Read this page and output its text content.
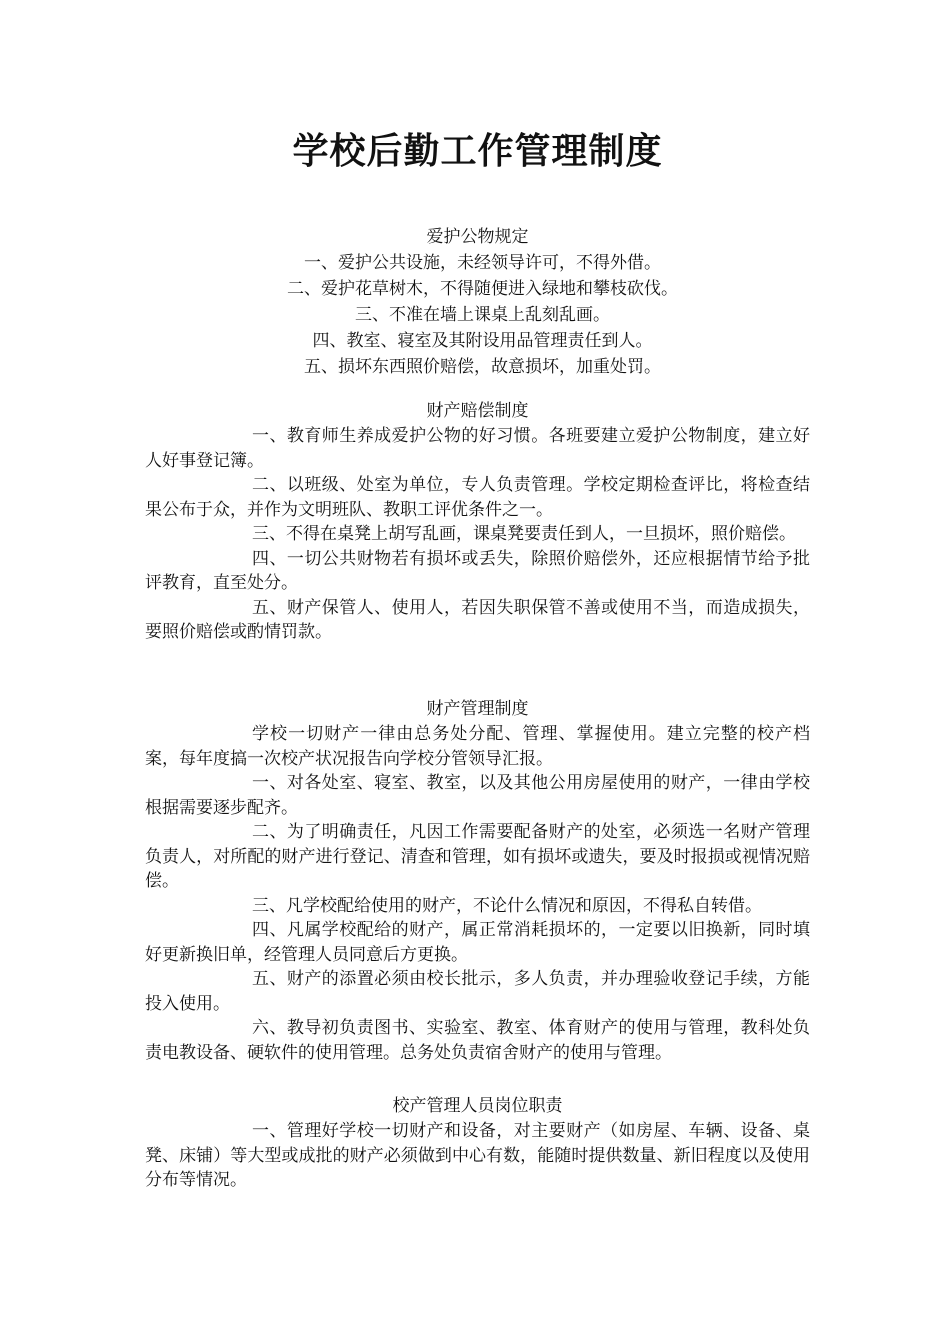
学校后勤工作管理制度
爱护公物规定
一、爱护公共设施，未经领导许可，不得外借。
二、爱护花草树木，不得随便进入绿地和攀枝砍伐。
三、不准在墙上课桌上乱刻乱画。
四、教室、寝室及其附设用品管理责任到人。
五、损坏东西照价赔偿，故意损坏，加重处罚。
财产赔偿制度

一、教育师生养成爱护公物的好习惯。各班要建立爱护公物制度，建立好人好事登记簿。

二、以班级、处室为单位，专人负责管理。学校定期检查评比，将检查结果公布于众，并作为文明班队、教职工评优条件之一。

三、不得在桌凳上胡写乱画，课桌凳要责任到人，一旦损坏，照价赔偿。

四、一切公共财物若有损坏或丢失，除照价赔偿外，还应根据情节给予批评教育，直至处分。

五、财产保管人、使用人，若因失职保管不善或使用不当，而造成损失，要照价赔偿或酌情罚款。

财产管理制度

学校一切财产一律由总务处分配、管理、掌握使用。建立完整的校产档案，每年度搞一次校产状况报告向学校分管领导汇报。

一、对各处室、寝室、教室，以及其他公用房屋使用的财产，一律由学校根据需要逐步配齐。

二、为了明确责任，凡因工作需要配备财产的处室，必须选一名财产管理负责人，对所配的财产进行登记、清查和管理，如有损坏或遗失，要及时报损或视情况赔偿。

三、凡学校配给使用的财产，不论什么情况和原因，不得私自转借。

四、凡属学校配给的财产，属正常消耗损坏的，一定要以旧换新，同时填好更新换旧单，经管理人员同意后方更换。

五、财产的添置必须由校长批示，多人负责，并办理验收登记手续，方能投入使用。

六、教导初负责图书、实验室、教室、体育财产的使用与管理，教科处负责电教设备、硬软件的使用管理。总务处负责宿舍财产的使用与管理。

校产管理人员岗位职责

一、管理好学校一切财产和设备，对主要财产（如房屋、车辆、设备、桌凳、床铺）等大型或成批的财产必须做到中心有数，能随时提供数量、新旧程度以及使用分布等情况。
